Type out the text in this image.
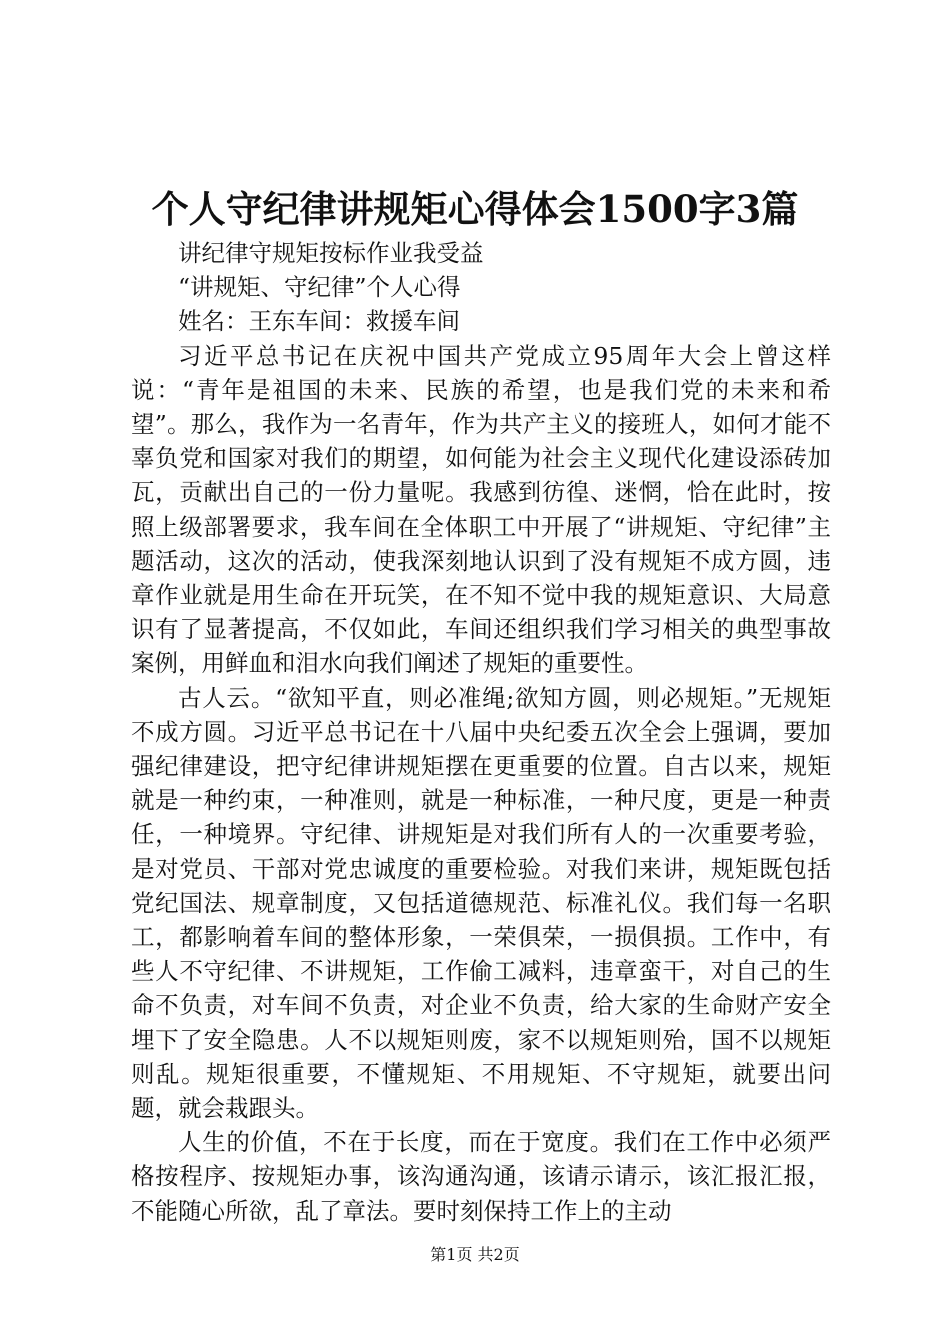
个人守纪律讲规矩心得体会1500字3篇

讲纪律守规矩按标作业我受益

“讲规矩、守纪律”个人心得

姓名：王东车间：救援车间

习近平总书记在庆祝中国共产党成立95周年大会上曾这样说：“青年是祖国的未来、民族的希望，也是我们党的未来和希望”。那么，我作为一名青年，作为共产主义的接班人，如何才能不辜负党和国家对我们的期望，如何能为社会主义现代化建设添砖加瓦，贡献出自己的一份力量呢。我感到彷徨、迷惘，恰在此时，按照上级部署要求，我车间在全体职工中开展了“讲规矩、守纪律”主题活动，这次的活动，使我深刻地认识到了没有规矩不成方圆，违章作业就是用生命在开玩笑，在不知不觉中我的规矩意识、大局意识有了显著提高，不仅如此，车间还组织我们学习相关的典型事故案例，用鲜血和泪水向我们阐述了规矩的重要性。

古人云。“欲知平直，则必准绳;欲知方圆，则必规矩。”无规矩不成方圆。习近平总书记在十八届中央纪委五次全会上强调，要加强纪律建设，把守纪律讲规矩摆在更重要的位置。自古以来，规矩就是一种约束，一种准则，就是一种标准，一种尺度，更是一种责任，一种境界。守纪律、讲规矩是对我们所有人的一次重要考验，是对党员、干部对党忠诚度的重要检验。对我们来讲，规矩既包括党纪国法、规章制度，又包括道德规范、标准礼仪。我们每一名职工，都影响着车间的整体形象，一荣俱荣，一损俱损。工作中，有些人不守纪律、不讲规矩，工作偷工减料，违章蛮干，对自己的生命不负责，对车间不负责，对企业不负责，给大家的生命财产安全埋下了安全隐患。人不以规矩则废，家不以规矩则殆，国不以规矩则乱。规矩很重要，不懂规矩、不用规矩、不守规矩，就要出问题，就会栽跟头。

人生的价值，不在于长度，而在于宽度。我们在工作中必须严格按程序、按规矩办事，该沟通沟通，该请示请示，该汇报汇报，不能随心所欲，乱了章法。要时刻保持工作上的主动

第1页 共2页
